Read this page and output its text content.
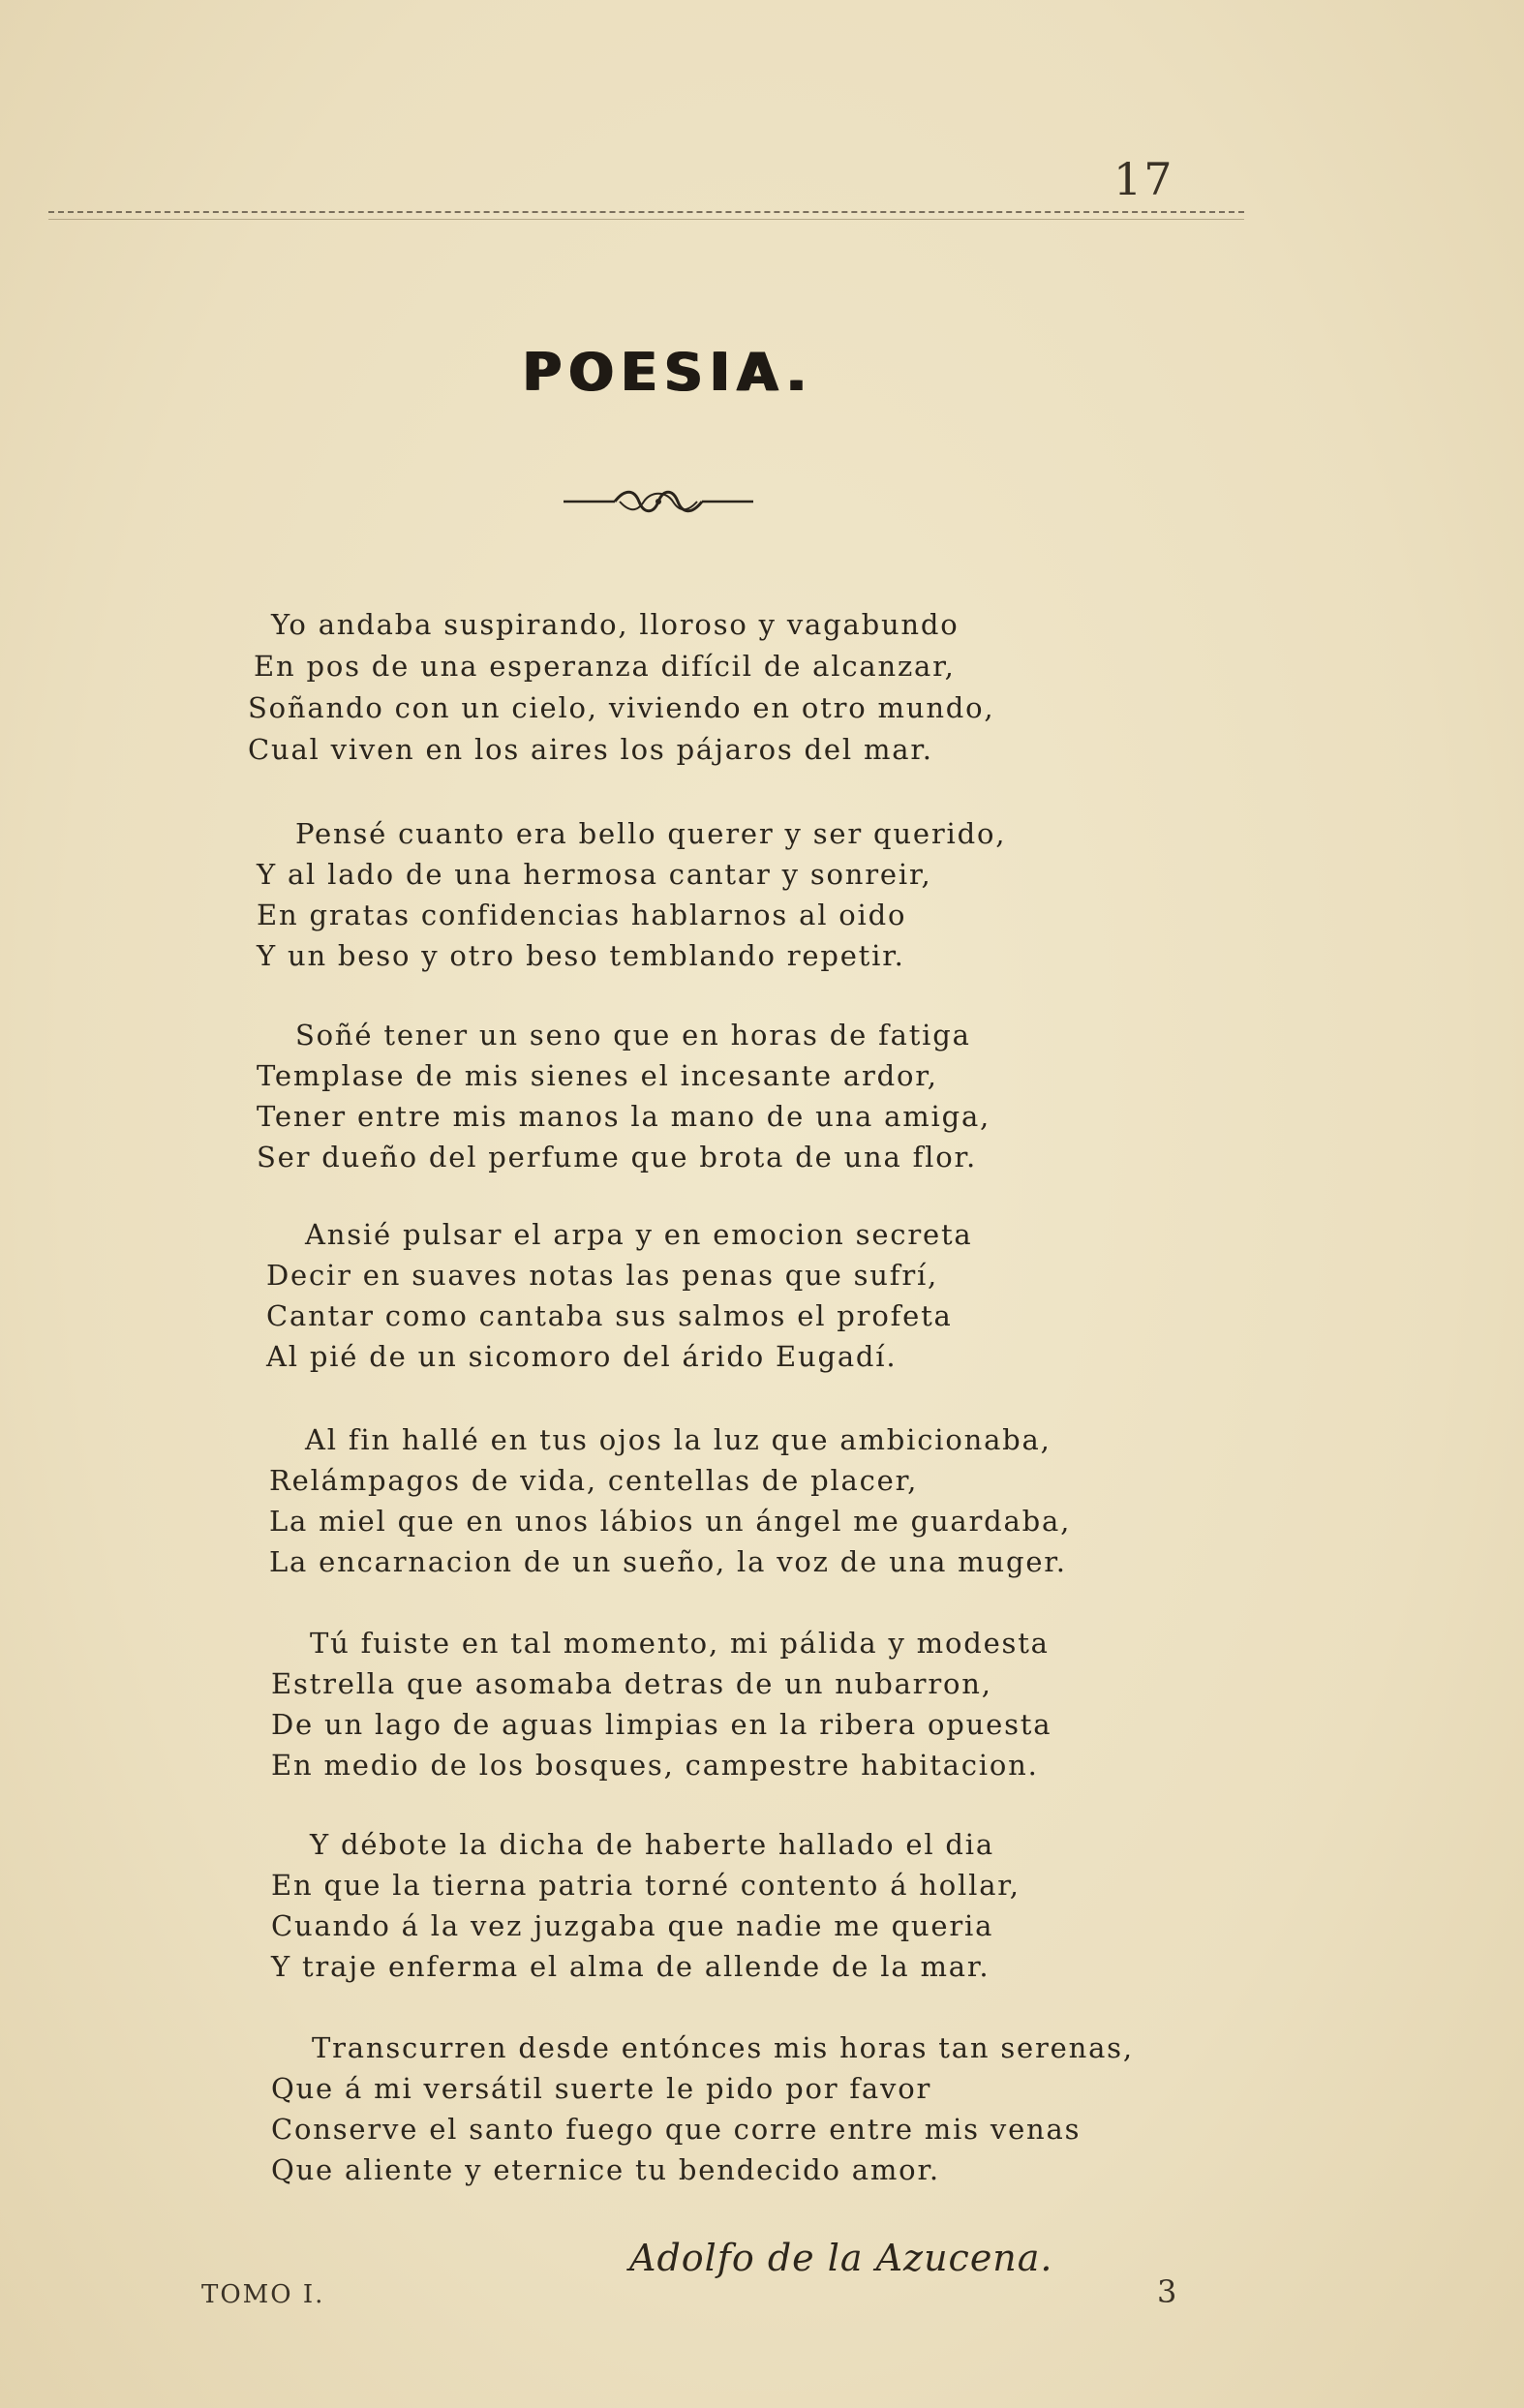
17
POESIA.
Yo andaba suspirando, lloroso y vagabundo
En pos de una esperanza difícil de alcanzar,
Soñando con un cielo, viviendo en otro mundo,
Cual viven en los aires los pájaros del mar.
Pensé cuanto era bello querer y ser querido,
Y al lado de una hermosa cantar y sonreir,
En gratas confidencias hablarnos al oido
Y un beso y otro beso temblando repetir.
Soñé tener un seno que en horas de fatiga
Templase de mis sienes el incesante ardor,
Tener entre mis manos la mano de una amiga,
Ser dueño del perfume que brota de una flor.
Ansié pulsar el arpa y en emocion secreta
Decir en suaves notas las penas que sufrí,
Cantar como cantaba sus salmos el profeta
Al pié de un sicomoro del árido Eugadí.
Al fin hallé en tus ojos la luz que ambicionaba,
Relámpagos de vida, centellas de placer,
La miel que en unos lábios un ángel me guardaba,
La encarnacion de un sueño, la voz de una muger.
Tú fuiste en tal momento, mi pálida y modesta
Estrella que asomaba detras de un nubarron,
De un lago de aguas limpias en la ribera opuesta
En medio de los bosques, campestre habitacion.
Y débote la dicha de haberte hallado el dia
En que la tierna patria torné contento á hollar,
Cuando á la vez juzgaba que nadie me queria
Y traje enferma el alma de allende de la mar.
Transcurren desde entónces mis horas tan serenas,
Que á mi versátil suerte le pido por favor
Conserve el santo fuego que corre entre mis venas
Que aliente y eternice tu bendecido amor.
Adolfo de la Azucena.
TOMO I.	3
